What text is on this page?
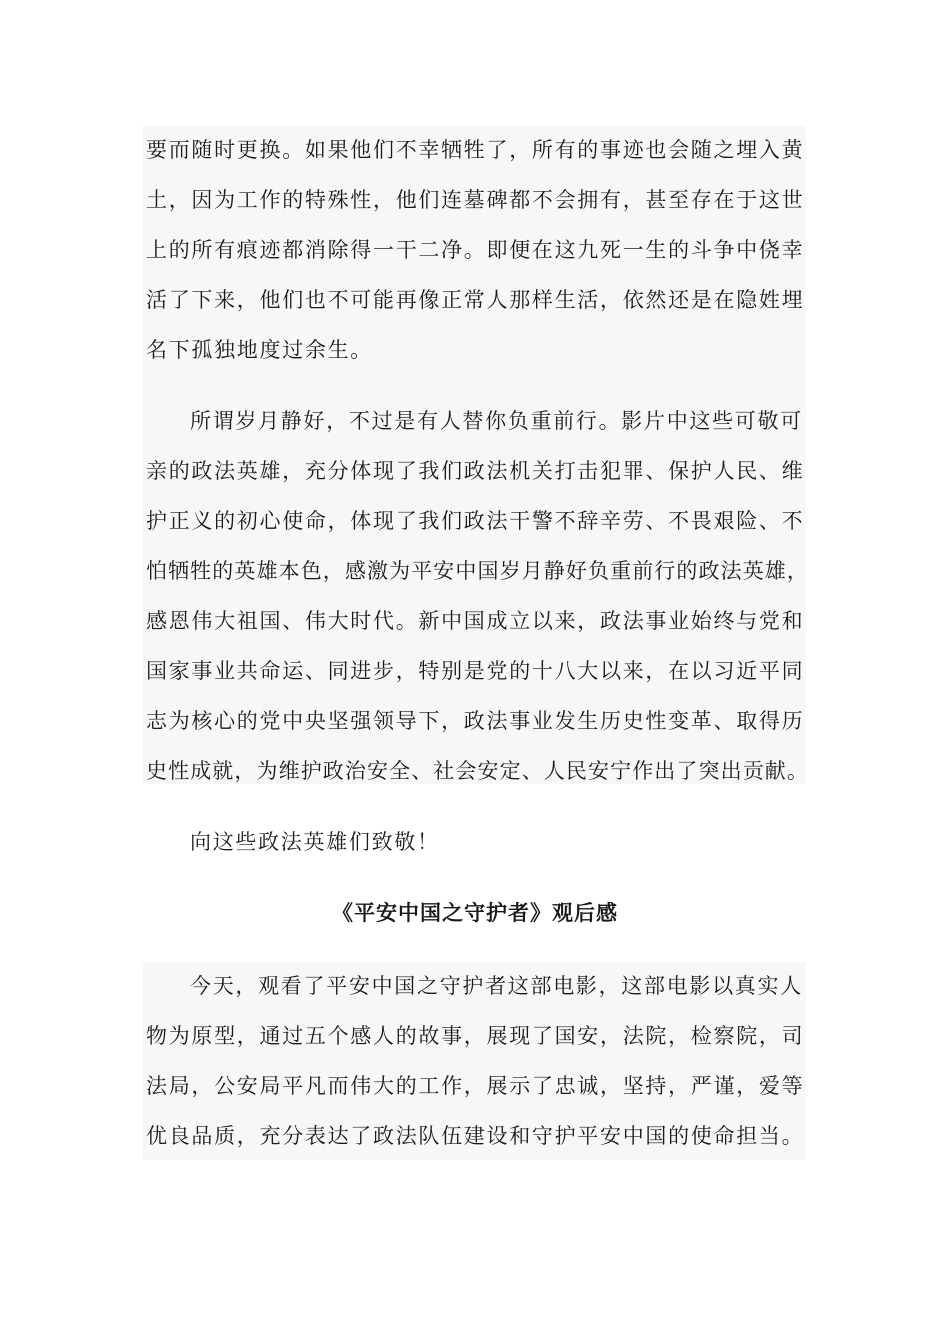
要而随时更换。如果他们不幸牺牲了，所有的事迹也会随之埋入黄
土，因为工作的特殊性，他们连墓碑都不会拥有，甚至存在于这世
上的所有痕迹都消除得一干二净。即便在这九死一生的斗争中侥幸
活了下来，他们也不可能再像正常人那样生活，依然还是在隐姓埋
名下孤独地度过余生。
所谓岁月静好，不过是有人替你负重前行。影片中这些可敬可
亲的政法英雄，充分体现了我们政法机关打击犯罪、保护人民、维
护正义的初心使命，体现了我们政法干警不辞辛劳、不畏艰险、不
怕牺牲的英雄本色，感激为平安中国岁月静好负重前行的政法英雄，
感恩伟大祖国、伟大时代。新中国成立以来，政法事业始终与党和
国家事业共命运、同进步，特别是党的十八大以来，在以习近平同
志为核心的党中央坚强领导下，政法事业发生历史性变革、取得历
史性成就，为维护政治安全、社会安定、人民安宁作出了突出贡献。
向这些政法英雄们致敬！
《平安中国之守护者》观后感
今天，观看了平安中国之守护者这部电影，这部电影以真实人
物为原型，通过五个感人的故事，展现了国安，法院，检察院，司
法局，公安局平凡而伟大的工作，展示了忠诚，坚持，严谨，爱等
优良品质，充分表达了政法队伍建设和守护平安中国的使命担当。
